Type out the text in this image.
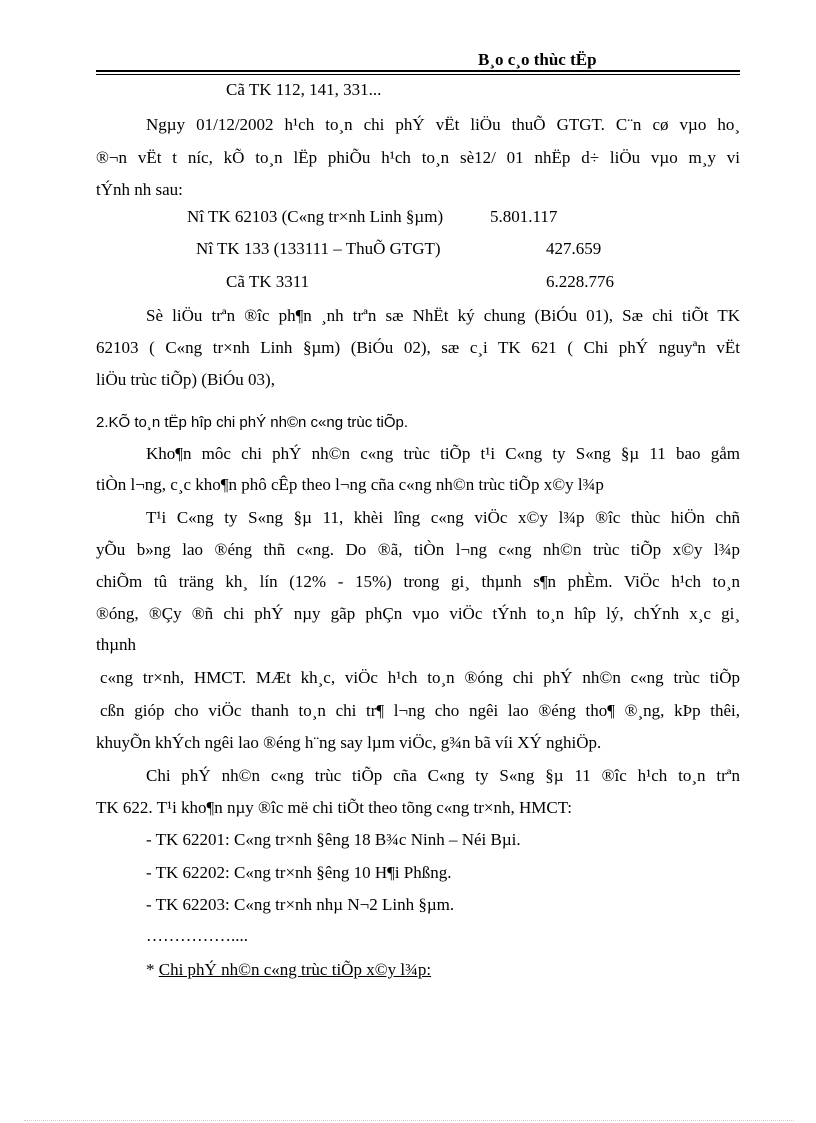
B¸o c¸o thùc tËp
Cã TK 112, 141, 331...
Ngµy 01/12/2002 h¹ch to¸n chi phÝ vËt liÖu thuÕ GTGT. C¨n cø vµo ho¸
®¬n vËt t níc, kÕ to¸n lËp phiÕu h¹ch to¸n sè12/ 01 nhËp d÷ liÖu vµo m¸y vi
tÝnh nh sau:
Nî TK 62103 (C«ng tr×nh Linh §µm)	5.801.117
Nî TK 133 (133111 – ThuÕ GTGT)	427.659
Cã TK 3311	6.228.776
Sè liÖu trªn ®îc ph¶n ¸nh trªn sæ NhËt ký chung (BiÓu 01), Sæ chi tiÕt TK
62103 ( C«ng tr×nh Linh §µm) (BiÓu 02), sæ c¸i TK 621 ( Chi phÝ nguyªn vËt
liÖu trùc tiÕp) (BiÓu 03),
2.KÕ to¸n tËp hîp chi phÝ nh©n c«ng trùc tiÕp.
Kho¶n môc chi phÝ nh©n c«ng trùc tiÕp t¹i C«ng ty S«ng §µ 11 bao gåm
tiÒn l¬ng, c¸c kho¶n phô cÊp theo l¬ng cña c«ng nh©n trùc tiÕp x©y l¾p
T¹i C«ng ty S«ng §µ 11, khèi lîng c«ng viÖc x©y l¾p ®îc thùc hiÖn chñ
yÕu b»ng lao ®éng thñ c«ng. Do ®ã, tiÒn l¬ng c«ng nh©n trùc tiÕp x©y l¾p
chiÕm tû träng kh¸ lín (12% - 15%) trong gi¸ thµnh s¶n phÈm. ViÖc h¹ch to¸n
®óng, ®Çy ®ñ chi phÝ nµy gãp phÇn vµo viÖc tÝnh to¸n hîp lý, chÝnh x¸c gi¸
thµnh
c«ng tr×nh, HMCT. MÆt kh¸c, viÖc h¹ch to¸n ®óng chi phÝ nh©n c«ng trùc tiÕp
cßn gióp cho viÖc thanh to¸n chi tr¶ l¬ng cho ngêi lao ®éng tho¶ ®¸ng, kÞp thêi,
khuyÕn khÝch ngêi lao ®éng h¨ng say lµm viÖc, g¾n bã víi XÝ nghiÖp.
Chi phÝ nh©n c«ng trùc tiÕp cña C«ng ty S«ng §µ 11 ®îc h¹ch to¸n trªn
TK 622. T¹i kho¶n nµy ®îc më chi tiÕt theo tõng c«ng tr×nh, HMCT:
- TK 62201: C«ng tr×nh §êng 18 B¾c Ninh – Néi Bµi.
- TK 62202: C«ng tr×nh §êng 10 H¶i Phßng.
- TK 62203: C«ng tr×nh nhµ N¬2 Linh §µm.
……………....
* Chi phÝ nh©n c«ng trùc tiÕp x©y l¾p:
